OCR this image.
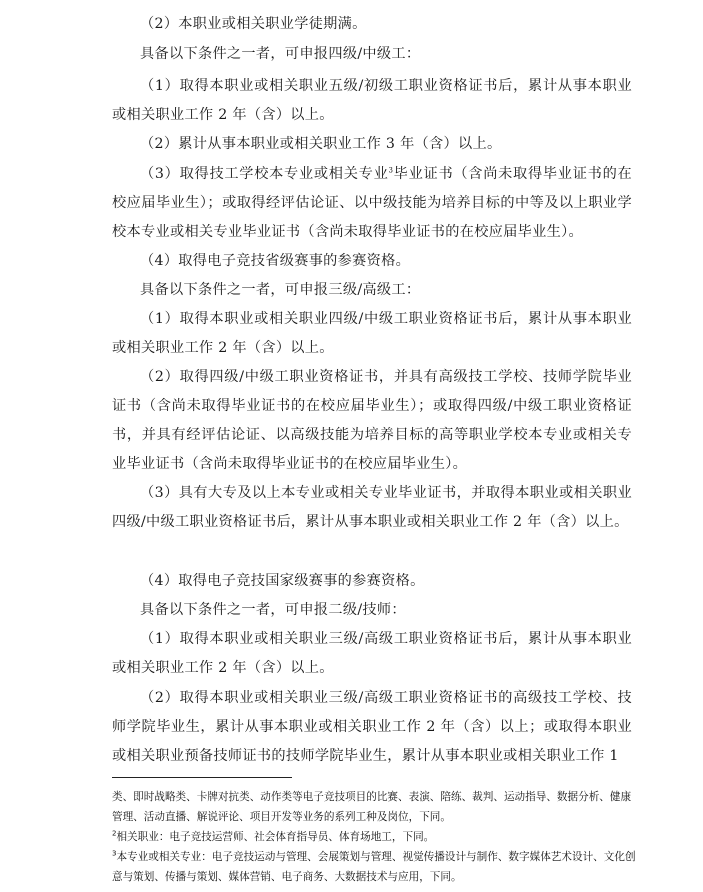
（2）本职业或相关职业学徒期满。

具备以下条件之一者，可申报四级/中级工：

（1）取得本职业或相关职业五级/初级工职业资格证书后，累计从事本职业或相关职业工作 2 年（含）以上。

（2）累计从事本职业或相关职业工作 3 年（含）以上。

（3）取得技工学校本专业或相关专业$^3$毕业证书（含尚未取得毕业证书的在校应届毕业生）；或取得经评估论证、以中级技能为培养目标的中等及以上职业学校本专业或相关专业毕业证书（含尚未取得毕业证书的在校应届毕业生）。

（4）取得电子竞技省级赛事的参赛资格。

具备以下条件之一者，可申报三级/高级工：

（1）取得本职业或相关职业四级/中级工职业资格证书后，累计从事本职业或相关职业工作 2 年（含）以上。

（2）取得四级/中级工职业资格证书，并具有高级技工学校、技师学院毕业证书（含尚未取得毕业证书的在校应届毕业生）；或取得四级/中级工职业资格证书，并具有经评估论证、以高级技能为培养目标的高等职业学校本专业或相关专业毕业证书（含尚未取得毕业证书的在校应届毕业生）。

（3）具有大专及以上本专业或相关专业毕业证书，并取得本职业或相关职业四级/中级工职业资格证书后，累计从事本职业或相关职业工作 2 年（含）以上。

（4）取得电子竞技国家级赛事的参赛资格。

具备以下条件之一者，可申报二级/技师：

（1）取得本职业或相关职业三级/高级工职业资格证书后，累计从事本职业或相关职业工作 2 年（含）以上。

（2）取得本职业或相关职业三级/高级工职业资格证书的高级技工学校、技师学院毕业生，累计从事本职业或相关职业工作 2 年（含）以上；或取得本职业或相关职业预备技师证书的技师学院毕业生，累计从事本职业或相关职业工作 1

类、即时战略类、卡牌对抗类、动作类等电子竞技项目的比赛、表演、陪练、裁判、运动指导、数据分析、健康管理、活动直播、解说评论、项目开发等业务的系列工种及岗位，下同。

$^2$相关职业：电子竞技运营师、社会体育指导员、体育场地工，下同。

$^3$本专业或相关专业：电子竞技运动与管理、会展策划与管理、视觉传播设计与制作、数字媒体艺术设计、文化创意与策划、传播与策划、媒体营销、电子商务、大数据技术与应用，下同。
